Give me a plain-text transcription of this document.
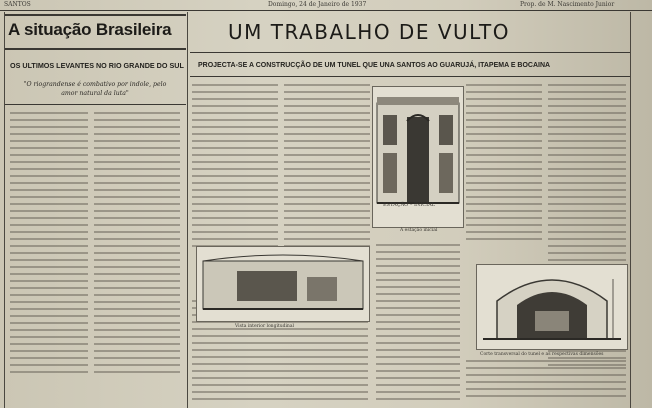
SANTOS	Domingo, 24 de Janeiro de 1937	Prop. de M. Nascimento Junior
A situação Brasileira
OS ULTIMOS LEVANTES NO RIO GRANDE DO SUL
"O riograndense é combativo por indole, pelo amor natural da luta"
UM TRABALHO DE VULTO
PROJECTA-SE A CONSTRUCÇÃO DE UM TUNEL QUE UNA SANTOS AO GUARUJÁ, ITAPEMA E BOCAINA
ESTAÇÃO – INICIAL
A estação inicial
Vista interior longitudinal
Corte transversal do tunel e as respectivas dimensões
